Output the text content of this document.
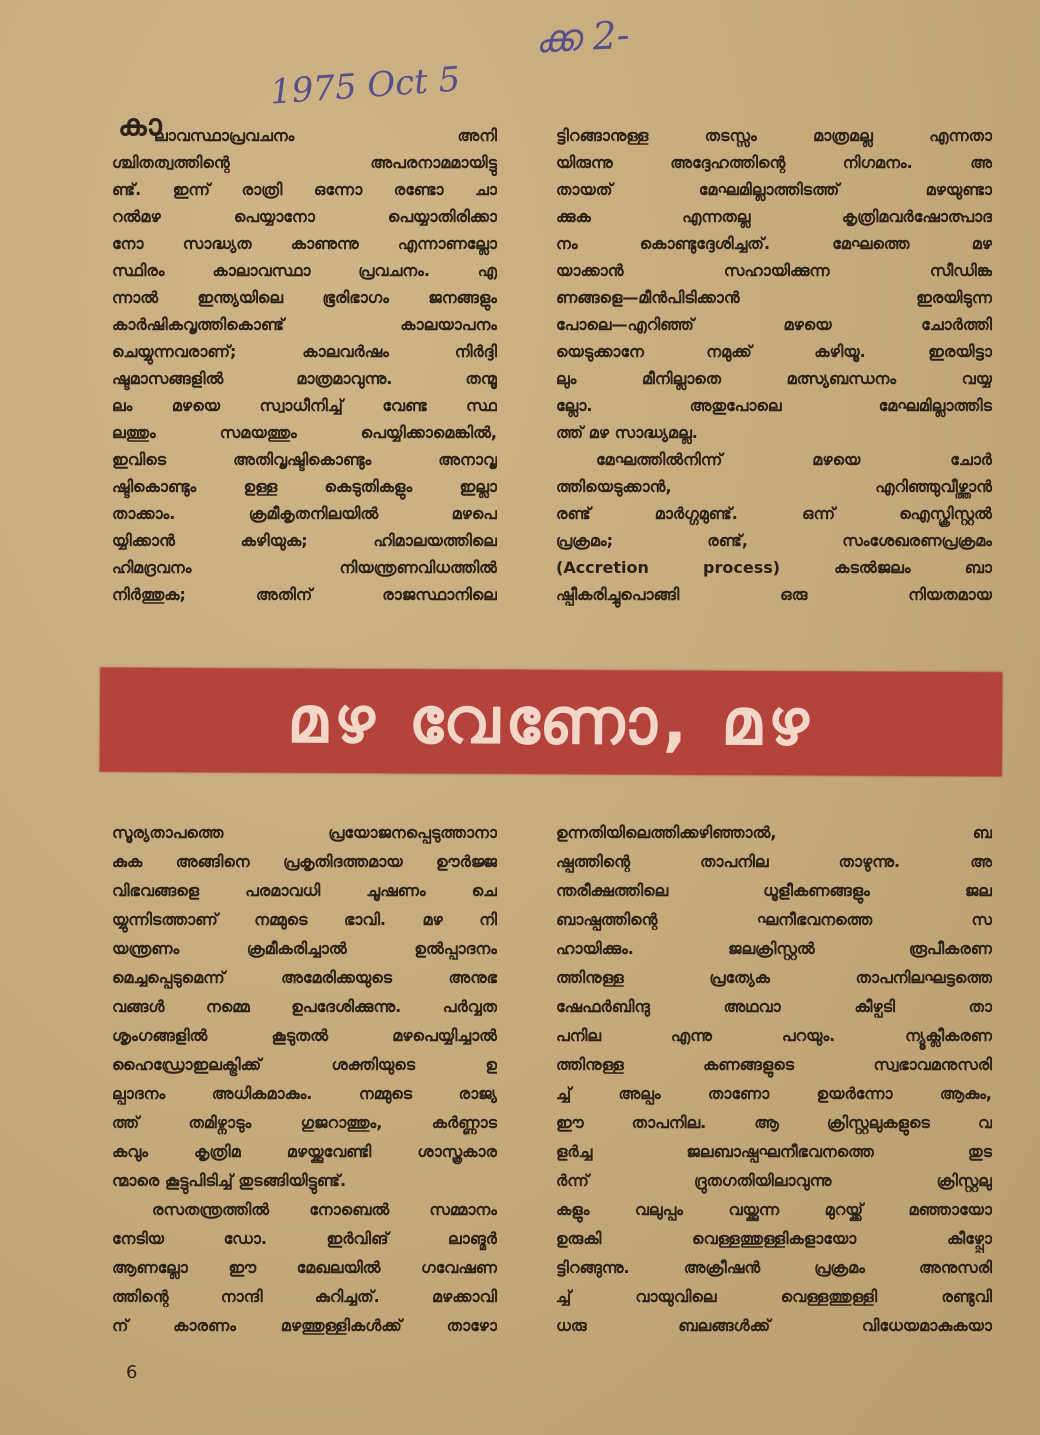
1975 Oct 5
ക്ക 2-
കാ
ലാവസ്ഥാപ്രവചനം അനി
ശ്ചിതത്വത്തിന്റെ അപരനാമമായിട്ടു
ണ്ട്. ഇന്ന് രാത്രി ഒന്നോ രണ്ടോ ചാ
റൽമഴ പെയ്യാനോ പെയ്യാതിരിക്കാ
നോ സാദ്ധ്യത കാണുന്നു എന്നാണല്ലോ
സ്ഥിരം കാലാവസ്ഥാ പ്രവചനം. എ
ന്നാൽ ഇന്ത്യയിലെ ഭൂരിഭാഗം ജനങ്ങളും
കാർഷികവൃത്തികൊണ്ട് കാലയാപനം
ചെയ്യുന്നവരാണ്; കാലവർഷം നിർദ്ദി
ഷ്ടമാസങ്ങളിൽ മാത്രമാവുന്നു. തന്മൂ
ലം മഴയെ സ്വാധീനിച്ച് വേണ്ട സ്ഥ
ലത്തും സമയത്തും പെയ്യിക്കാമെങ്കിൽ,
ഇവിടെ അതിവൃഷ്ടികൊണ്ടും അനാവൃ
ഷ്ടികൊണ്ടും ഉള്ള കെടുതികളും ഇല്ലാ
താക്കാം. ക്രമീകൃതനിലയിൽ മഴപെ
യ്യിക്കാൻ കഴിയുക; ഹിമാലയത്തിലെ
ഹിമദ്രവനം നിയന്ത്രണവിധത്തിൽ
നിർത്തുക; അതിന് രാജസ്ഥാനിലെ
ട്ടിറങ്ങാനുള്ള തടസ്സം മാത്രമല്ല എന്നതാ
യിരുന്നു അദ്ദേഹത്തിന്റെ നിഗമനം. അ
തായത് മേഘമില്ലാത്തിടത്ത് മഴയുണ്ടാ
ക്കുക എന്നതല്ല കൃത്രിമവർഷോത്പാദ
നം കൊണ്ടുദ്ദേശിച്ചത്. മേഘത്തെ മഴ
യാക്കാൻ സഹായിക്കുന്ന സീഡിങ്ക
ണങ്ങളെ—മീൻപിടിക്കാൻ ഇരയിടുന്ന
പോലെ—എറിഞ്ഞ് മഴയെ ചോർത്തി
യെടുക്കാനേ നമുക്ക് കഴിയൂ. ഇരയിട്ടാ
ലും മീനില്ലാതെ മത്സ്യബന്ധനം വയ്യ
ല്ലോ. അതുപോലെ മേഘമില്ലാത്തിട
ത്ത് മഴ സാദ്ധ്യമല്ല.
മേഘത്തിൽനിന്ന് മഴയെ ചോർ
ത്തിയെടുക്കാൻ, എറിഞ്ഞുവീഴ്ത്താൻ
രണ്ട് മാർഗ്ഗമുണ്ട്. ഒന്ന് ഐസ്ക്രിസ്റ്റൽ
പ്രക്രമം; രണ്ട്, സംശേഖരണപ്രക്രമം
(Accretion process) കടൽജലം ബാ
ഷ്പീകരിച്ചുപൊങ്ങി ഒരു നിയതമായ
മഴ വേണോ, മഴ
സൂര്യതാപത്തെ പ്രയോജനപ്പെടുത്താനാ
കുക അങ്ങിനെ പ്രകൃതിദത്തമായ ഊർജ്ജ
വിഭവങ്ങളെ പരമാവധി ചൂഷണം ചെ
യ്യുന്നിടത്താണ് നമ്മുടെ ഭാവി. മഴ നി
യന്ത്രണം ക്രമീകരിച്ചാൽ ഉൽപ്പാദനം
മെച്ചപ്പെടുമെന്ന് അമേരിക്കയുടെ അനുഭ
വങ്ങൾ നമ്മെ ഉപദേശിക്കുന്നു. പർവ്വത
ശൃംഗങ്ങളിൽ കൂടുതൽ മഴപെയ്യിച്ചാൽ
ഹൈഡ്രോഇലക്ട്രിക്ക് ശക്തിയുടെ ഉ
ല്പാദനം അധികമാകും. നമ്മുടെ രാജ്യ
ത്ത് തമിഴ്നാടും ഗുജറാത്തും, കർണ്ണാട
കവും കൃത്രിമ മഴയ്ക്കുവേണ്ടി ശാസ്ത്രകാര
ന്മാരെ കൂട്ടുപിടിച്ച് തുടങ്ങിയിട്ടുണ്ട്.
രസതന്ത്രത്തിൽ നോബെൽ സമ്മാനം
നേടിയ ഡോ. ഇർവിങ് ലാങ്മർ
ആണല്ലോ ഈ മേഖലയിൽ ഗവേഷണ
ത്തിന്റെ നാന്ദി കുറിച്ചത്. മഴക്കാവി
ന് കാരണം മഴത്തുള്ളികൾക്ക് താഴോ
ഉന്നതിയിലെത്തിക്കഴിഞ്ഞാൽ, ബ
ഷ്പത്തിന്റെ താപനില താഴുന്നു. അ
ന്തരീക്ഷത്തിലെ ധൂളീകണങ്ങളും ജല
ബാഷ്പത്തിന്റെ ഘനീഭവനത്തെ സ
ഹായിക്കും. ജലക്രിസ്റ്റൽ രൂപീകരണ
ത്തിനുള്ള പ്രത്യേക താപനിലഘട്ടത്തെ
ഷേഫർബിന്ദു അഥവാ കീഴ്പടി താ
പനില എന്നു പറയും. ന്യൂക്ലീകരണ
ത്തിനുള്ള കണങ്ങളുടെ സ്വഭാവമനുസരി
ച്ച് അല്പം താണോ ഉയർന്നോ ആകും,
ഈ താപനില. ആ ക്രിസ്റ്റലുകളുടെ വ
ളർച്ച ജലബാഷ്പഘനീഭവനത്തെ തുട
ർന്ന് ദ്രുതഗതിയിലാവുന്നു ക്രിസ്റ്റലു
കളും വലുപ്പം വയ്ക്കുന്ന മുറയ്ക്ക് മഞ്ഞായോ
ഉരുകി വെള്ളത്തുള്ളികളായോ കീഴ്പ്പോ
ട്ടിറങ്ങുന്നു. അക്രീഷൻ പ്രക്രമം അനുസരി
ച്ച് വായുവിലെ വെള്ളത്തുള്ളി രണ്ടുവി
ധരു ബലങ്ങൾക്ക് വിധേയമാകുകയാ
6
